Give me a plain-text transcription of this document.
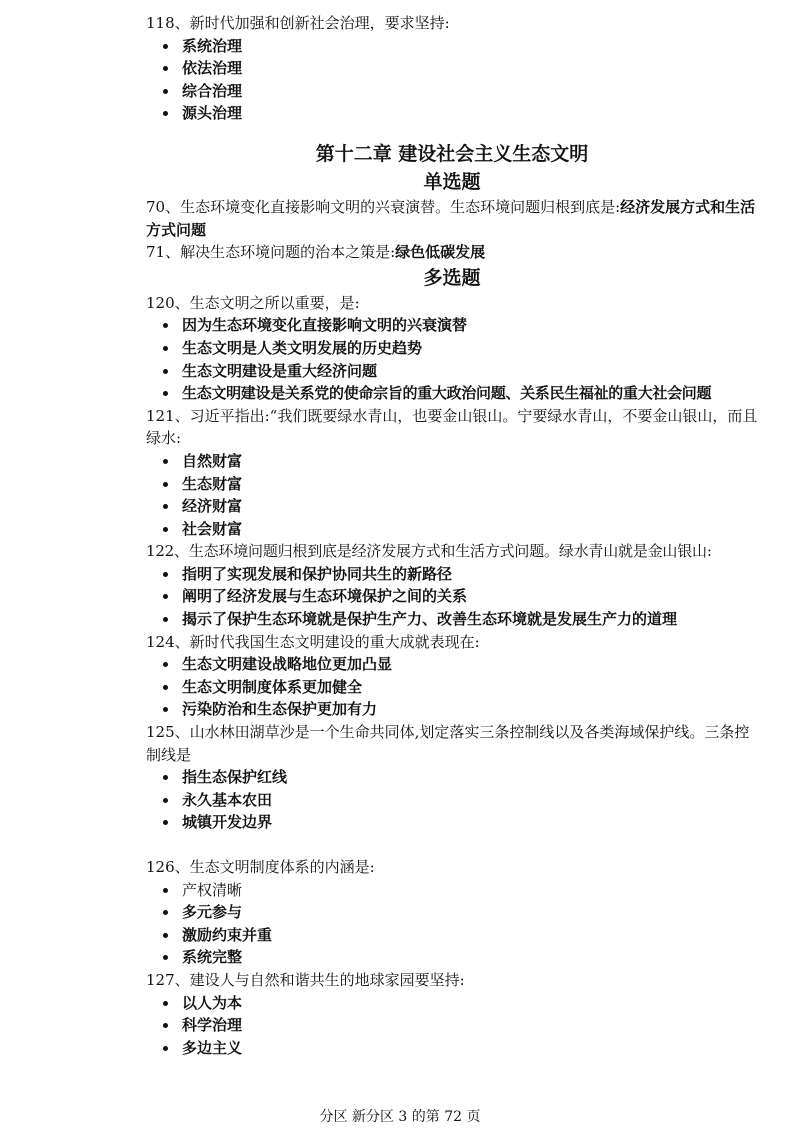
118、新时代加强和创新社会治理，要求坚持:

系统治理
依法治理
综合治理
源头治理

第十二章 建设社会主义生态文明

单选题

70、生态环境变化直接影响文明的兴衰演替。生态环境问题归根到底是:经济发展方式和生活方式问题

71、解决生态环境问题的治本之策是:绿色低碳发展

多选题

120、生态文明之所以重要，是:

因为生态环境变化直接影响文明的兴衰演替
生态文明是人类文明发展的历史趋势
生态文明建设是重大经济问题
生态文明建设是关系党的使命宗旨的重大政治问题、关系民生福祉的重大社会问题

121、习近平指出:“我们既要绿水青山，也要金山银山。宁要绿水青山，不要金山银山，而且绿水:

自然财富
生态财富
经济财富
社会财富

122、生态环境问题归根到底是经济发展方式和生活方式问题。绿水青山就是金山银山:

指明了实现发展和保护协同共生的新路径
阐明了经济发展与生态环境保护之间的关系
揭示了保护生态环境就是保护生产力、改善生态环境就是发展生产力的道理

124、新时代我国生态文明建设的重大成就表现在:

生态文明建设战略地位更加凸显
生态文明制度体系更加健全
污染防治和生态保护更加有力

125、山水林田湖草沙是一个生命共同体,划定落实三条控制线以及各类海域保护线。三条控制线是

指生态保护红线
永久基本农田
城镇开发边界

126、生态文明制度体系的内涵是:

产权清晰
多元参与
激励约束并重
系统完整

127、建设人与自然和谐共生的地球家园要坚持:

以人为本
科学治理
多边主义
分区 新分区 3 的第 72 页
